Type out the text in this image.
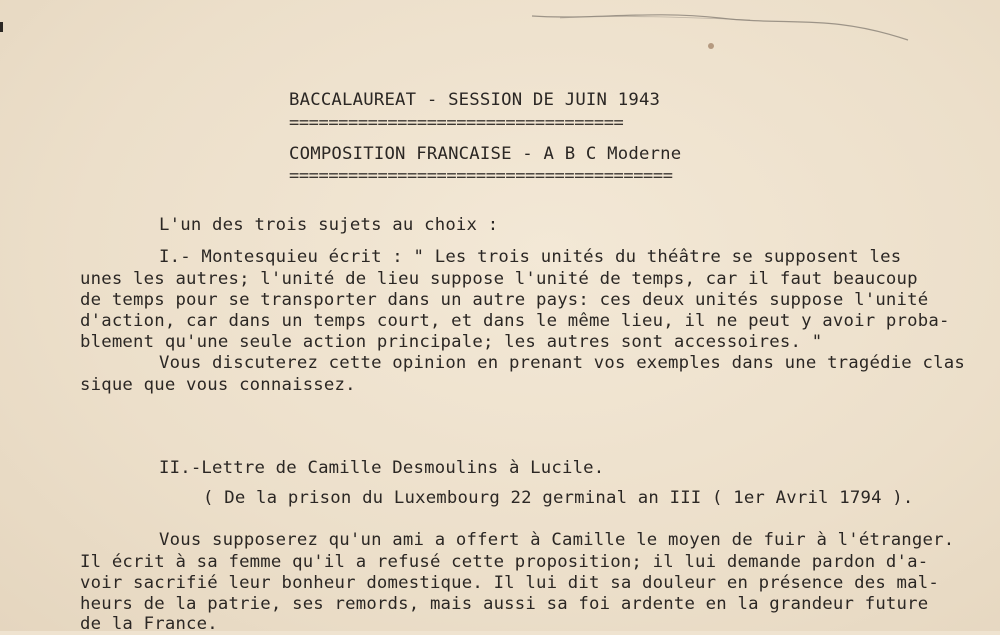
BACCALAUREAT - SESSION DE JUIN 1943
==================================
COMPOSITION FRANCAISE - A B C Moderne
=======================================
L'un des trois sujets au choix :
I.- Montesquieu écrit : " Les trois unités du théâtre se supposent les
unes les autres; l'unité de lieu suppose l'unité de temps, car il faut beaucoup
de temps pour se transporter dans un autre pays: ces deux unités suppose l'unité
d'action, car dans un temps court, et dans le même lieu, il ne peut y avoir proba-
blement qu'une seule action principale; les autres sont accessoires. "
Vous discuterez cette opinion en prenant vos exemples dans une tragédie clas
sique que vous connaissez.
II.-Lettre de Camille Desmoulins à Lucile.
( De la prison du Luxembourg 22 germinal an III ( 1er Avril 1794 ).
Vous supposerez qu'un ami a offert à Camille le moyen de fuir à l'étranger.
Il écrit à sa femme qu'il a refusé cette proposition; il lui demande pardon d'a-
voir sacrifié leur bonheur domestique. Il lui dit sa douleur en présence des mal-
heurs de la patrie, ses remords, mais aussi sa foi ardente en la grandeur future
de la France.
